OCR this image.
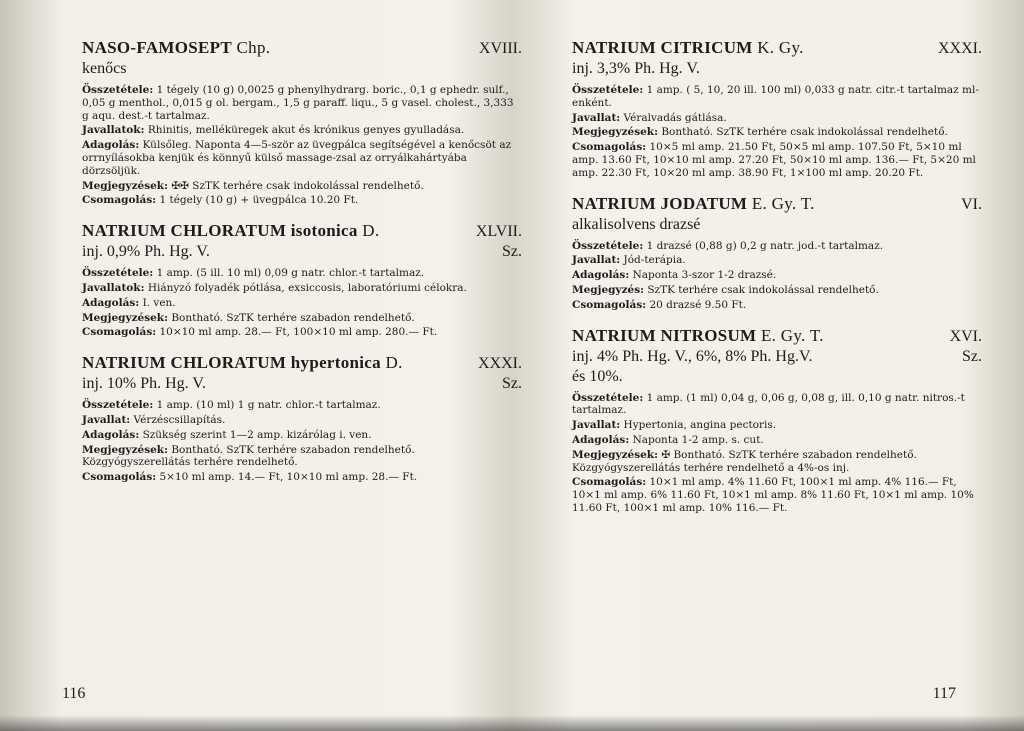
NASO-FAMOSEPT Chp.	XVIII.
kenőcs
Összetétele: 1 tégely (10 g) 0,0025 g phenylhydrarg. boric., 0,1 g ephedr. sulf., 0,05 g menthol., 0,015 g ol. bergam., 1,5 g paraff. liqu., 5 g vasel. cholest., 3,333 g aqu. dest.-t tartalmaz.
Javallatok: Rhinitis, melléküregek akut és krónikus genyes gyulladása.
Adagolás: Külsőleg. Naponta 4—5-ször az üvegpálca segítségével a kenőcsöt az orrnyílásokba kenjük és könnyű külső massage-zsal az orryálkahártyába dörzsöljük.
Megjegyzések: ✠✠ SzTK terhére csak indokolással rendelhető.
Csomagolás: 1 tégely (10 g) + üvegpálca 10.20 Ft.
NATRIUM CHLORATUM isotonica D.	XLVII.
inj. 0,9% Ph. Hg. V.	Sz.
Összetétele: 1 amp. (5 ill. 10 ml) 0,09 g natr. chlor.-t tartalmaz.
Javallatok: Hiányzó folyadék pótlása, exsiccosis, laboratóriumi célokra.
Adagolás: I. ven.
Megjegyzések: Bontható. SzTK terhére szabadon rendelhető.
Csomagolás: 10×10 ml amp. 28.— Ft, 100×10 ml amp. 280.— Ft.
NATRIUM CHLORATUM hypertonica D.	XXXI.
inj. 10% Ph. Hg. V.	Sz.
Összetétele: 1 amp. (10 ml) 1 g natr. chlor.-t tartalmaz.
Javallat: Vérzéscsillapítás.
Adagolás: Szükség szerint 1—2 amp. kizárólag i. ven.
Megjegyzések: Bontható. SzTK terhére szabadon rendelhető. Közgyógyszerellátás terhére rendelhető.
Csomagolás: 5×10 ml amp. 14.— Ft, 10×10 ml amp. 28.— Ft.
NATRIUM CITRICUM K. Gy.	XXXI.
inj. 3,3% Ph. Hg. V.
Összetétele: 1 amp. ( 5, 10, 20 ill. 100 ml) 0,033 g natr. citr.-t tartalmaz ml-enként.
Javallat: Véralvadás gátlása.
Megjegyzések: Bontható. SzTK terhére csak indokolással rendelhető.
Csomagolás: 10×5 ml amp. 21.50 Ft, 50×5 ml amp. 107.50 Ft, 5×10 ml amp. 13.60 Ft, 10×10 ml amp. 27.20 Ft, 50×10 ml amp. 136.— Ft, 5×20 ml amp. 22.30 Ft, 10×20 ml amp. 38.90 Ft, 1×100 ml amp. 20.20 Ft.
NATRIUM JODATUM E. Gy. T.	VI.
alkalisolvens drazsé
Összetétele: 1 drazsé (0,88 g) 0,2 g natr. jod.-t tartalmaz.
Javallat: Jód-terápia.
Adagolás: Naponta 3-szor 1-2 drazsé.
Megjegyzés: SzTK terhére csak indokolással rendelhető.
Csomagolás: 20 drazsé 9.50 Ft.
NATRIUM NITROSUM E. Gy. T.	XVI.
inj. 4% Ph. Hg. V., 6%, 8% Ph. Hg.V.	Sz.
és 10%.
Összetétele: 1 amp. (1 ml) 0,04 g, 0,06 g, 0,08 g, ill. 0,10 g natr. nitros.-t tartalmaz.
Javallat: Hypertonia, angina pectoris.
Adagolás: Naponta 1-2 amp. s. cut.
Megjegyzések: ✠ Bontható. SzTK terhére szabadon rendelhető. Közgyógyszerellátás terhére rendelhető a 4%-os inj.
Csomagolás: 10×1 ml amp. 4% 11.60 Ft, 100×1 ml amp. 4% 116.— Ft, 10×1 ml amp. 6% 11.60 Ft, 10×1 ml amp. 8% 11.60 Ft, 10×1 ml amp. 10% 11.60 Ft, 100×1 ml amp. 10% 116.— Ft.
116	117
